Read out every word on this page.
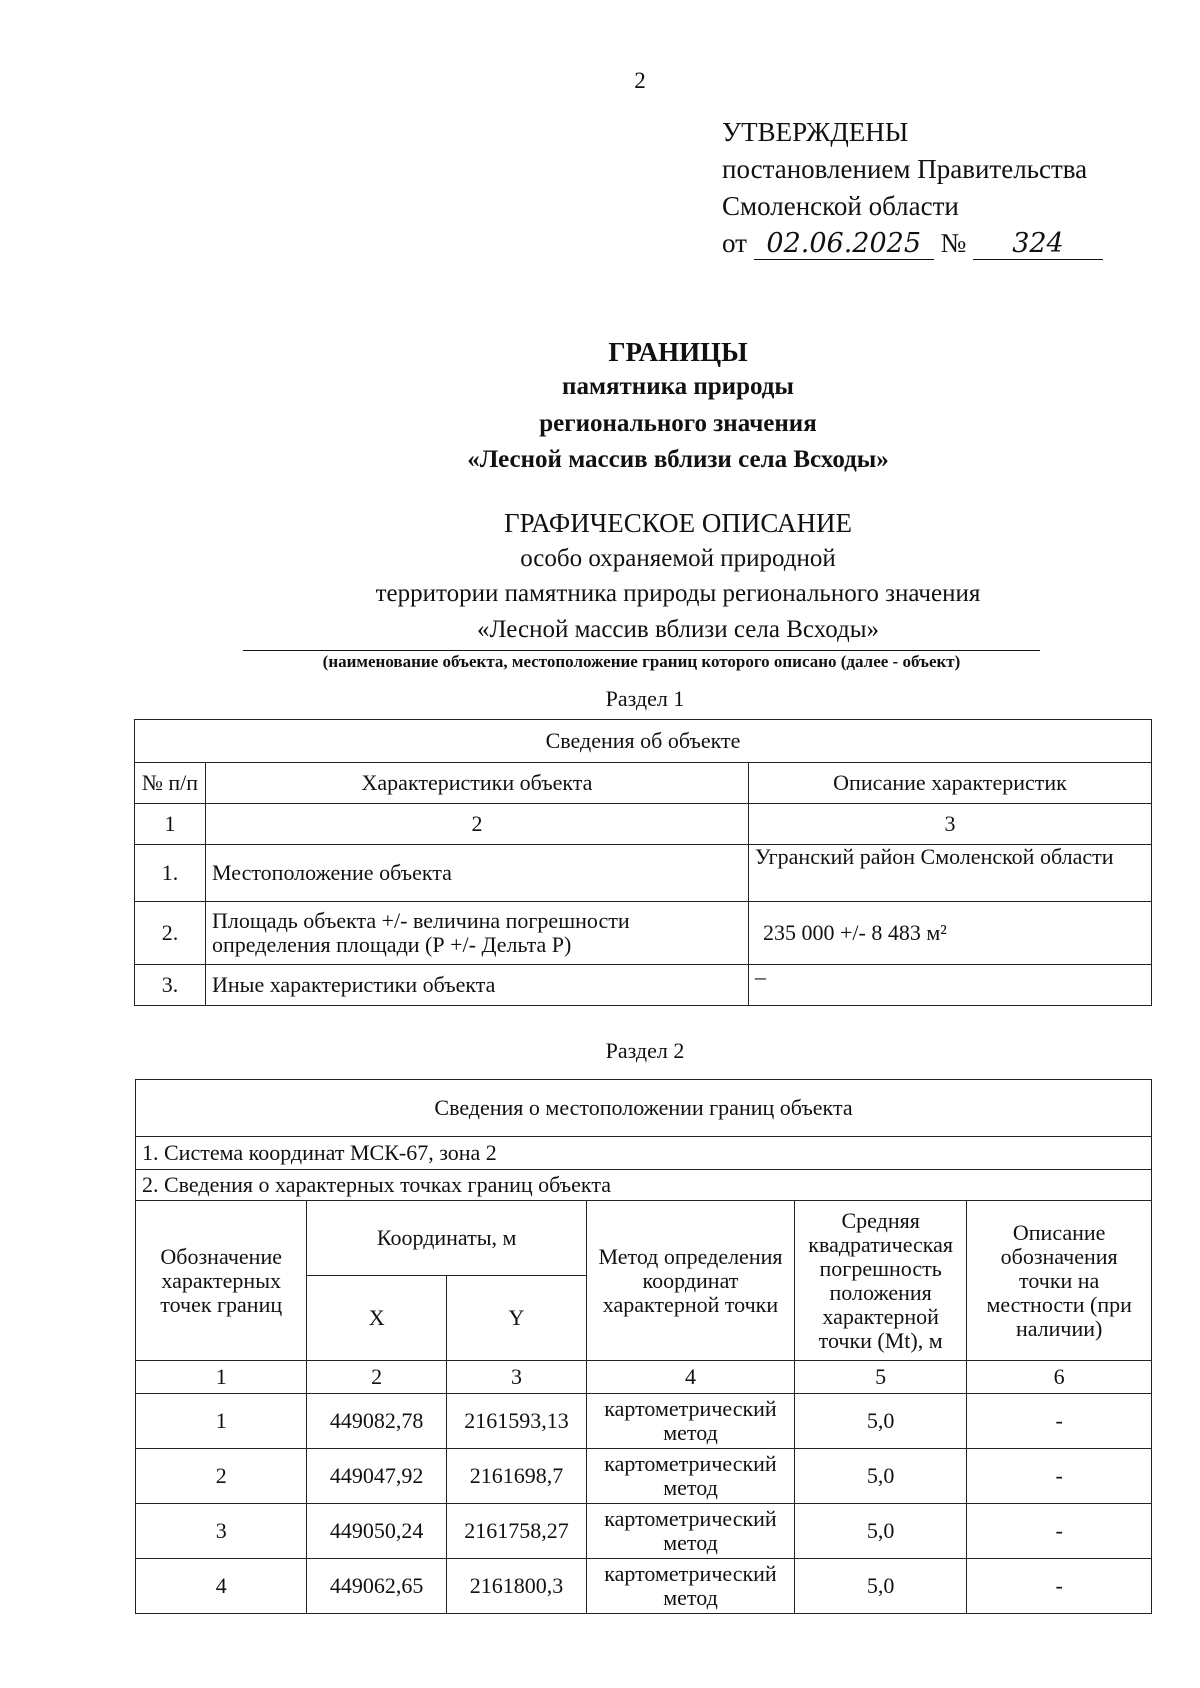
2
УТВЕРЖДЕНЫ
постановлением Правительства
Смоленской области
от 02.06.2025 № 324
ГРАНИЦЫ
памятника природы
регионального значения
«Лесной массив вблизи села Всходы»
ГРАФИЧЕСКОЕ ОПИСАНИЕ
особо охраняемой природной
территории памятника природы регионального значения
«Лесной массив вблизи села Всходы»
(наименование объекта, местоположение границ которого описано (далее - объект)
Раздел 1
Сведения об объекте		
№ п/п	Характеристики объекта	Описание характеристик
1	2	3
1.	Местоположение объекта	Угранский район Смоленской области
2.	Площадь объекта +/- величина погрешности определения площади (Р +/- Дельта Р)	235 000 +/- 8 483 м²
3.	Иные характеристики объекта	–
Раздел 2
Сведения о местоположении границ объекта					
1. Система координат МСК-67, зона 2					
2. Сведения о характерных точках границ объекта					
Обозначение характерных точек границ	Координаты, м		Метод определения координат характерной точки	Средняя квадратическая погрешность положения характерной точки (Mt), м	Описание обозначения точки на местности (при наличии)
	X	Y			
1	2	3	4	5	6
1	449082,78	2161593,13	картометрический метод	5,0	-
2	449047,92	2161698,7	картометрический метод	5,0	-
3	449050,24	2161758,27	картометрический метод	5,0	-
4	449062,65	2161800,3	картометрический метод	5,0	-
